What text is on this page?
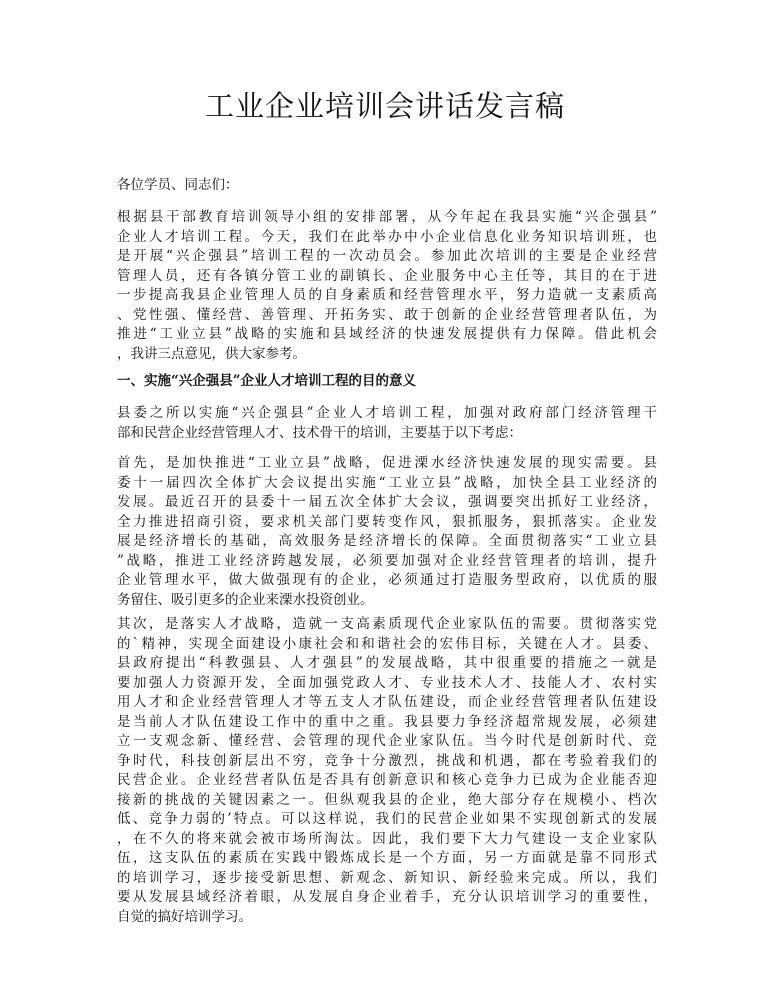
工业企业培训会讲话发言稿

各位学员、同志们：

根据县干部教育培训领导小组的安排部署，从今年起在我县实施“兴企强县”
企业人才培训工程。今天，我们在此举办中小企业信息化业务知识培训班，也
是开展“兴企强县”培训工程的一次动员会。参加此次培训的主要是企业经营
管理人员，还有各镇分管工业的副镇长、企业服务中心主任等，其目的在于进
一步提高我县企业管理人员的自身素质和经营管理水平，努力造就一支素质高
、党性强、懂经营、善管理、开拓务实、敢于创新的企业经营管理者队伍，为
推进“工业立县”战略的实施和县域经济的快速发展提供有力保障。借此机会
，我讲三点意见，供大家参考。

一、实施“兴企强县”企业人才培训工程的目的意义

县委之所以实施“兴企强县”企业人才培训工程，加强对政府部门经济管理干
部和民营企业经营管理人才、技术骨干的培训，主要基于以下考虑：

首先，是加快推进“工业立县”战略，促进溧水经济快速发展的现实需要。县
委十一届四次全体扩大会议提出实施“工业立县”战略，加快全县工业经济的
发展。最近召开的县委十一届五次全体扩大会议，强调要突出抓好工业经济，
全力推进招商引资，要求机关部门要转变作风，狠抓服务，狠抓落实。企业发
展是经济增长的基础，高效服务是经济增长的保障。全面贯彻落实“工业立县
”战略，推进工业经济跨越发展，必须要加强对企业经营管理者的培训，提升
企业管理水平，做大做强现有的企业，必须通过打造服务型政府，以优质的服
务留住、吸引更多的企业来溧水投资创业。

其次，是落实人才战略，造就一支高素质现代企业家队伍的需要。贯彻落实党
的`精神，实现全面建设小康社会和和谐社会的宏伟目标，关键在人才。县委、
县政府提出“科教强县、人才强县”的发展战略，其中很重要的措施之一就是
要加强人力资源开发，全面加强党政人才、专业技术人才、技能人才、农村实
用人才和企业经营管理人才等五支人才队伍建设，而企业经营管理者队伍建设
是当前人才队伍建设工作中的重中之重。我县要力争经济超常规发展，必须建
立一支观念新、懂经营、会管理的现代企业家队伍。当今时代是创新时代、竞
争时代，科技创新层出不穷，竞争十分激烈，挑战和机遇，都在考验着我们的
民营企业。企业经营者队伍是否具有创新意识和核心竞争力已成为企业能否迎
接新的挑战的关键因素之一。但纵观我县的企业，绝大部分存在规模小、档次
低、竞争力弱的’特点。可以这样说，我们的民营企业如果不实现创新式的发展
，在不久的将来就会被市场所淘汰。因此，我们要下大力气建设一支企业家队
伍，这支队伍的素质在实践中锻炼成长是一个方面，另一方面就是靠不同形式
的培训学习，逐步接受新思想、新观念、新知识、新经验来完成。所以，我们
要从发展县域经济着眼，从发展自身企业着手，充分认识培训学习的重要性，
自觉的搞好培训学习。
